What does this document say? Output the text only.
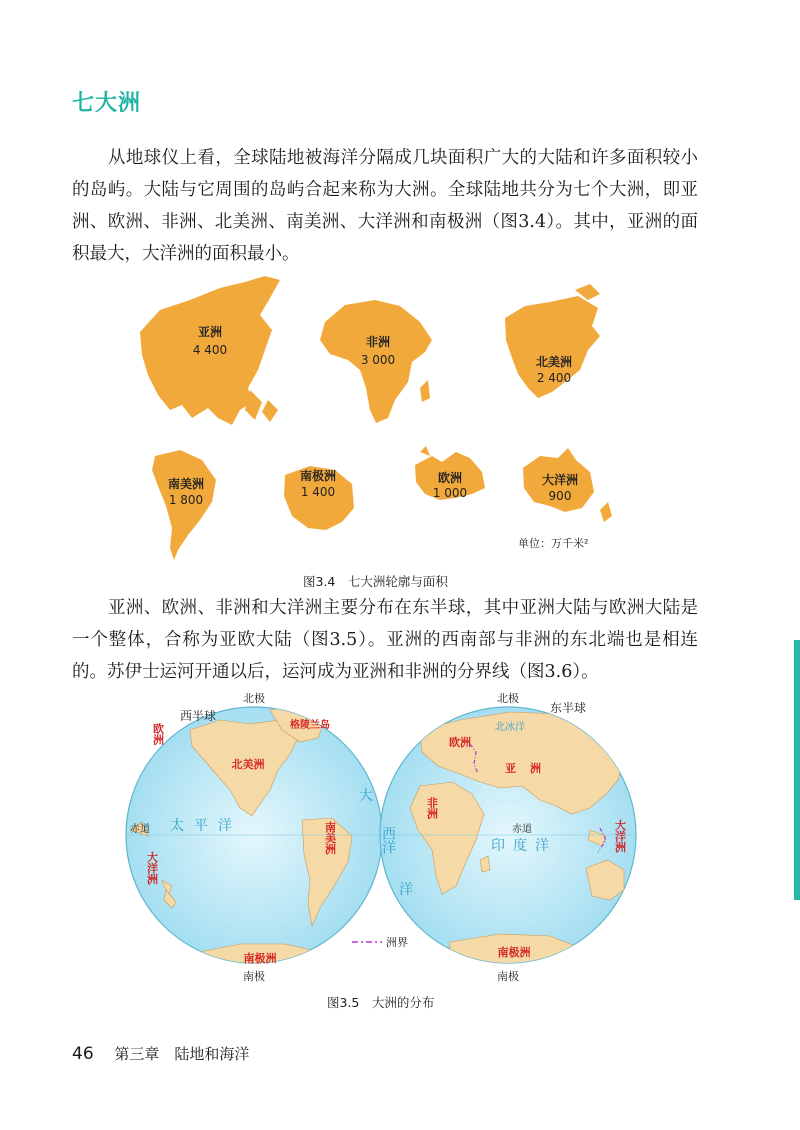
七大洲

从地球仪上看，全球陆地被海洋分隔成几块面积广大的大陆和许多面积较小的岛屿。大陆与它周围的岛屿合起来称为大洲。全球陆地共分为七个大洲，即亚洲、欧洲、非洲、北美洲、南美洲、大洋洲和南极洲（图3.4）。其中，亚洲的面积最大，大洋洲的面积最小。

亚洲
4 400
非洲
3 000	北美洲
2 400
南美洲
1 800
南极洲
1 400
欧洲
1 000
大洋洲
900
单位：万千米²
图3.4　七大洲轮廓与面积

亚洲、欧洲、非洲和大洋洲主要分布在东半球，其中亚洲大陆与欧洲大陆是一个整体，合称为亚欧大陆（图3.5）。亚洲的西南部与非洲的东北端也是相连的。苏伊士运河开通以后，运河成为亚洲和非洲的分界线（图3.6）。

北美洲
南美洲
南极洲
大洋洲
欧洲	格陵兰岛
太平洋
大
赤道
西半球
北极
南极
欧洲
亚洲
非洲
大洋洲
南极洲
印度洋
西洋
洋
北冰洋
赤道
东半球
北极
南极
洲界
图3.5　大洲的分布
46 第三章　陆地和海洋
